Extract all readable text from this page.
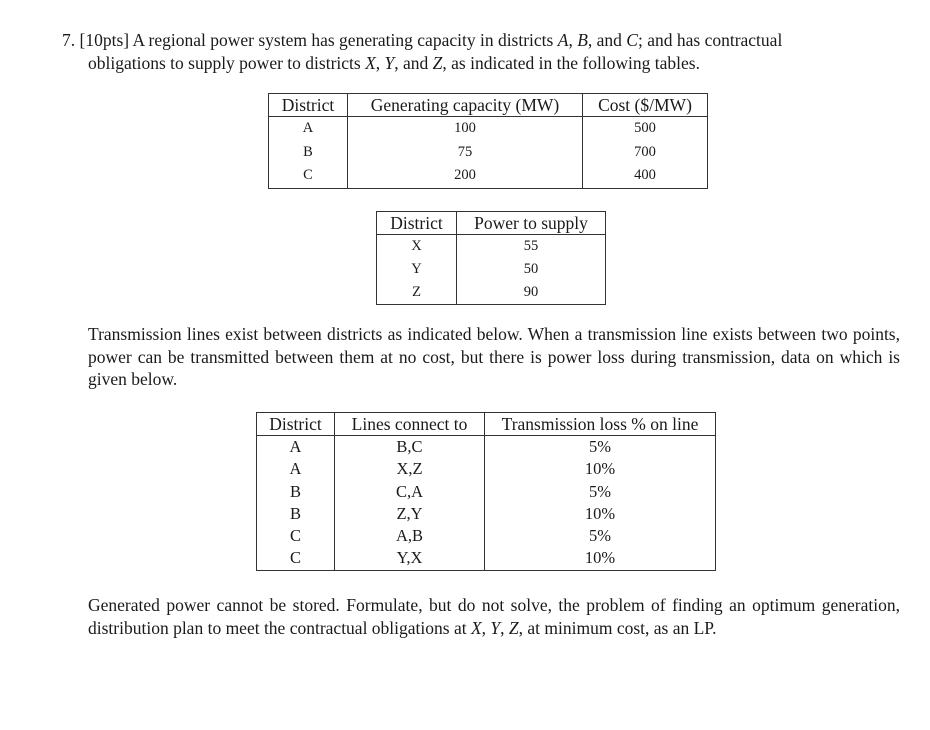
7. [10pts] A regional power system has generating capacity in districts A, B, and C; and has contractual
obligations to supply power to districts X, Y, and Z, as indicated in the following tables.
District	Generating capacity (MW)	Cost ($/MW)
A	100	500
B	75	700
C	200	400
District	Power to supply
X	55
Y	50
Z	90
Transmission lines exist between districts as indicated below. When a transmission line exists between two points, power can be transmitted between them at no cost, but there is power loss during transmission, data on which is given below.
District	Lines connect to	Transmission loss % on line
A	B,C	5%
A	X,Z	10%
B	C,A	5%
B	Z,Y	10%
C	A,B	5%
C	Y,X	10%
Generated power cannot be stored. Formulate, but do not solve, the problem of finding an optimum generation, distribution plan to meet the contractual obligations at X, Y, Z, at minimum cost, as an LP.
